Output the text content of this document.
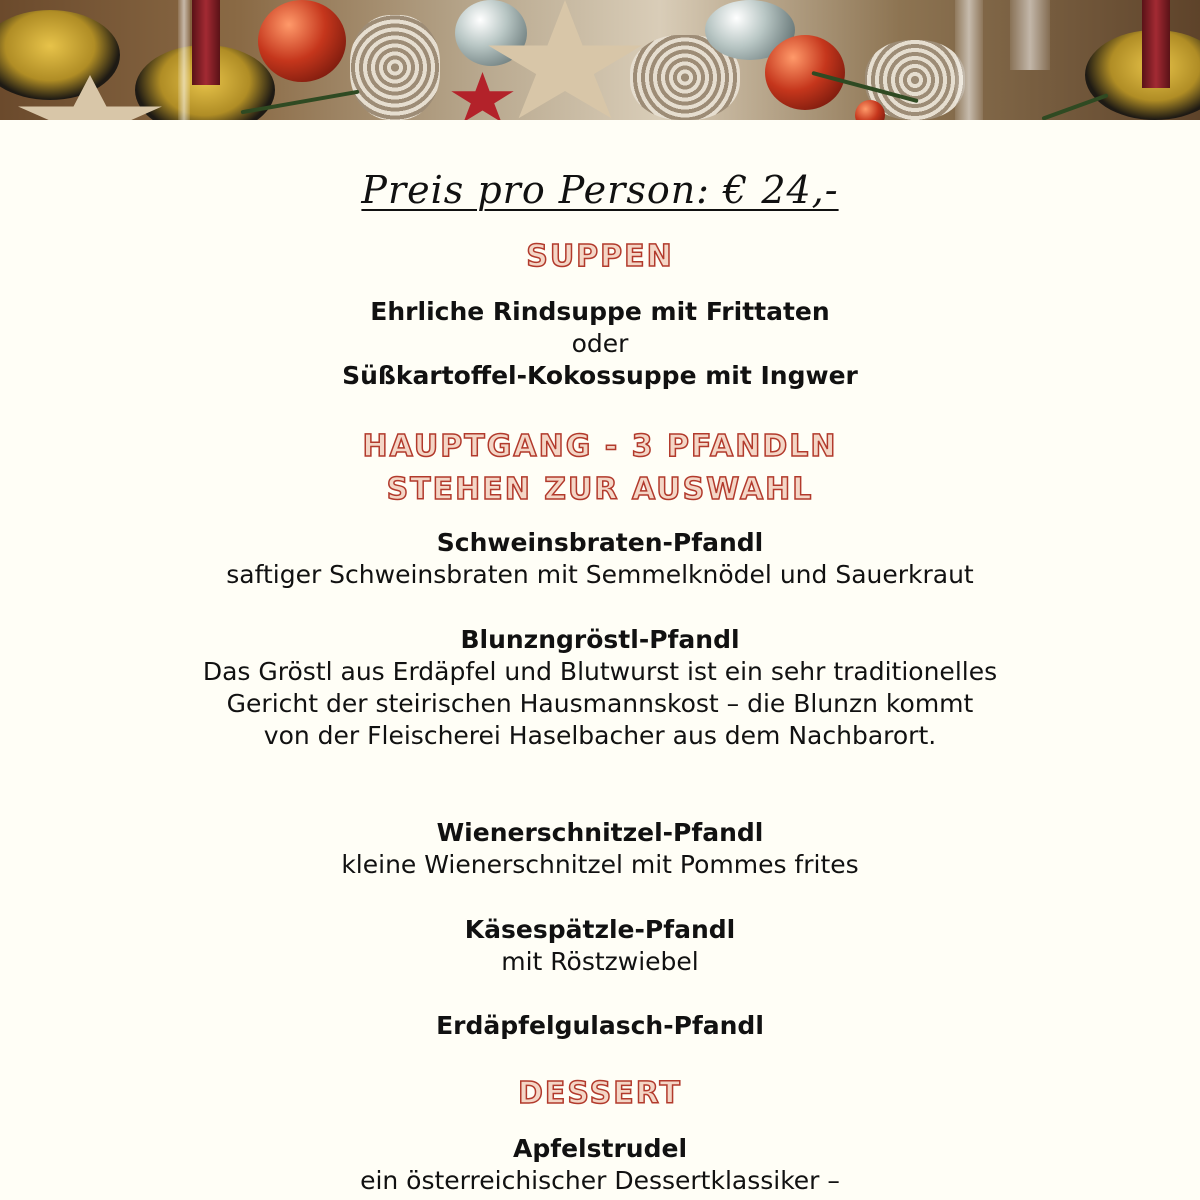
Preis pro Person: € 24,-
SUPPEN
Ehrliche Rindsuppe mit Frittaten
oder
Süßkartoffel-Kokossuppe mit Ingwer
HAUPTGANG - 3 PFANDLN
STEHEN ZUR AUSWAHL
Schweinsbraten-Pfandl
saftiger Schweinsbraten mit Semmelknödel und Sauerkraut
Blunzngröstl-Pfandl
Das Gröstl aus Erdäpfel und Blutwurst ist ein sehr traditionelles Gericht der steirischen Hausmannskost – die Blunzn kommt von der Fleischerei Haselbacher aus dem Nachbarort.
Wienerschnitzel-Pfandl
kleine Wienerschnitzel mit Pommes frites
Käsespätzle-Pfandl
mit Röstzwiebel
Erdäpfelgulasch-Pfandl
DESSERT
Apfelstrudel
ein österreichischer Dessertklassiker –
